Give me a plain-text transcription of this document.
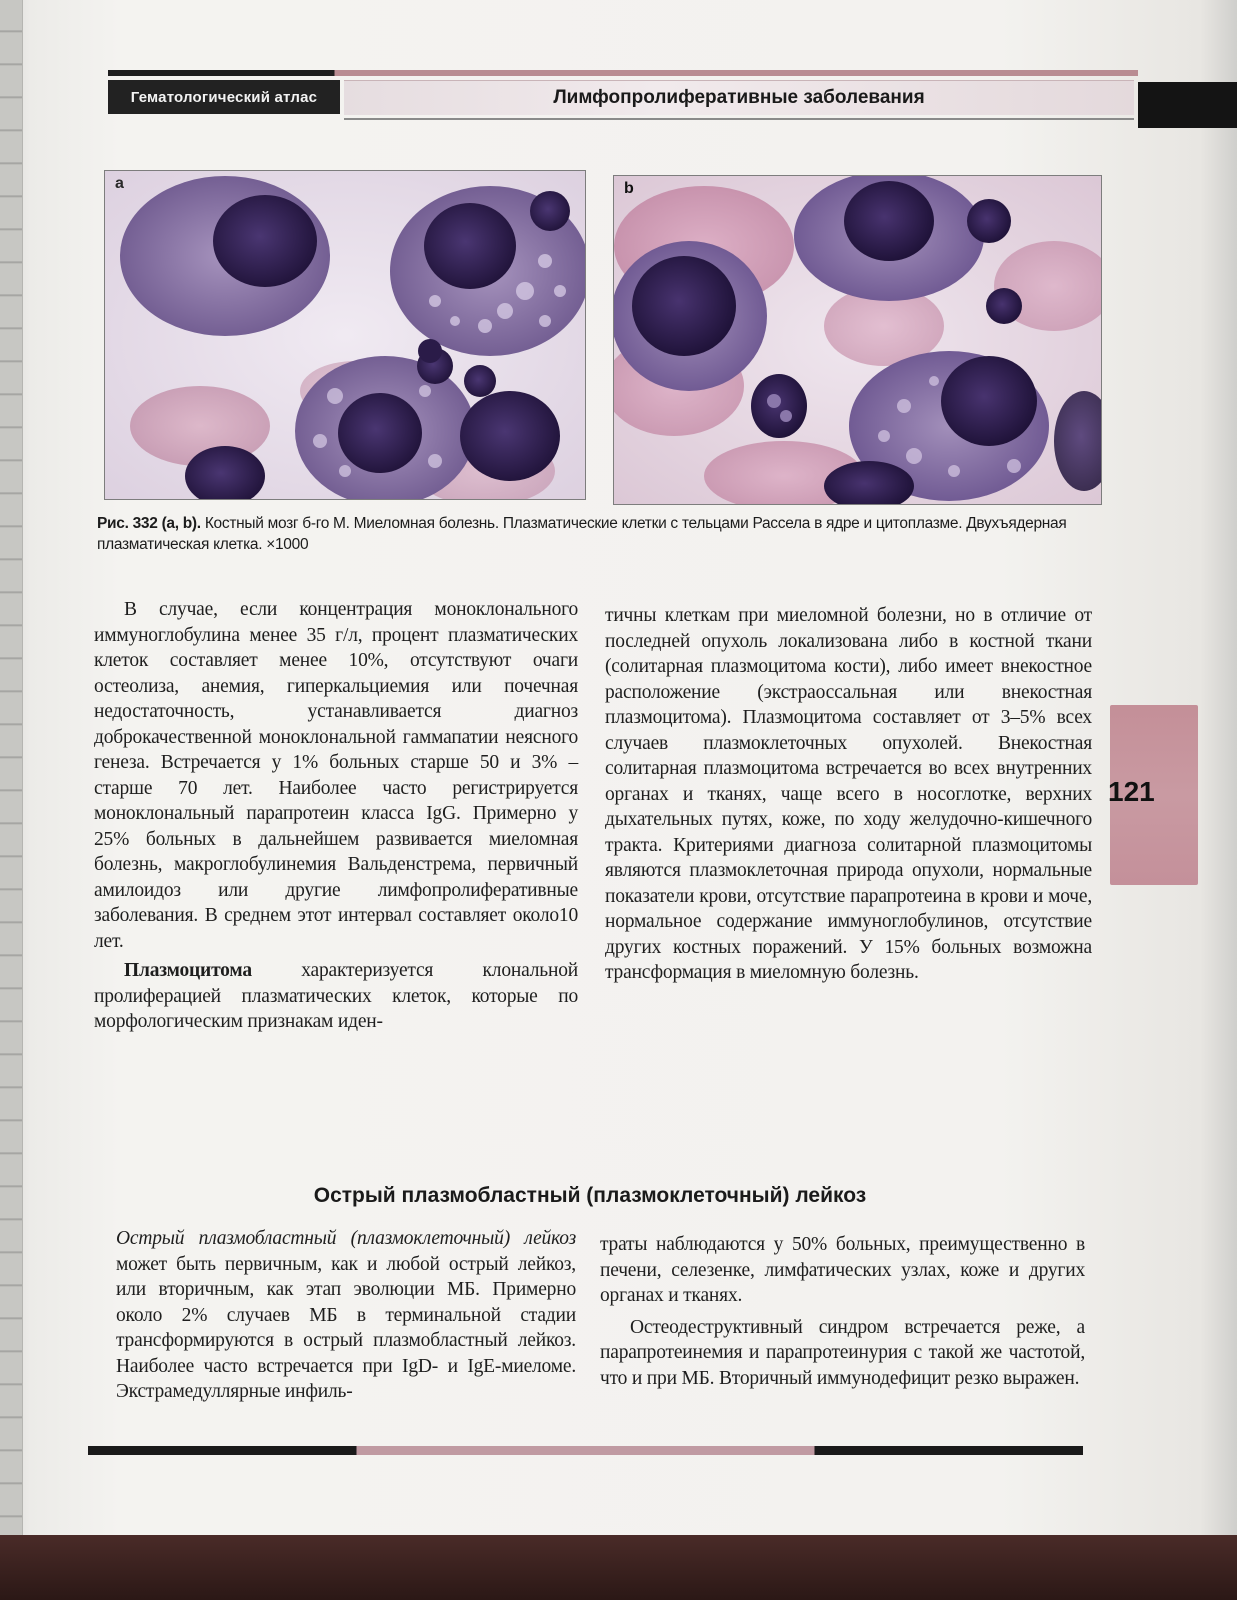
Гематологический атлас	Лимфопролиферативные заболевания
a	b
Рис. 332 (a, b). Костный мозг б-го М. Миеломная болезнь. Плазматические клетки с тельцами Рассела в ядре и цитоплазме. Двухъядерная плазматическая клетка. ×1000

В случае, если концентрация моноклонального иммуноглобулина менее 35 г/л, процент плазматических клеток составляет менее 10%, отсутствуют очаги остеолиза, анемия, гиперкальциемия или почечная недостаточность, устанавливается диагноз доброкачественной моноклональной гаммапатии неясного генеза. Встречается у 1% больных старше 50 и 3% – старше 70 лет. Наиболее часто регистрируется моноклональный парапротеин класса IgG. Примерно у 25% больных в дальнейшем развивается миеломная болезнь, макроглобулинемия Вальденстрема, первичный амилоидоз или другие лимфопролиферативные заболевания. В среднем этот интервал составляет около10 лет.

Плазмоцитома характеризуется клональной пролиферацией плазматических клеток, которые по морфологическим признакам иден-

тичны клеткам при миеломной болезни, но в отличие от последней опухоль локализована либо в костной ткани (солитарная плазмоцитома кости), либо имеет внекостное расположение (экстраоссальная или внекостная плазмоцитома). Плазмоцитома составляет от 3–5% всех случаев плазмоклеточных опухолей. Внекостная солитарная плазмоцитома встречается во всех внутренних органах и тканях, чаще всего в носоглотке, верхних дыхательных путях, коже, по ходу желудочно-кишечного тракта. Критериями диагноза солитарной плазмоцитомы являются плазмоклеточная природа опухоли, нормальные показатели крови, отсутствие парапротеина в крови и моче, нормальное содержание иммуноглобулинов, отсутствие других костных поражений. У 15% больных возможна трансформация в миеломную болезнь.

121
Острый плазмобластный (плазмоклеточный) лейкоз

Острый плазмобластный (плазмоклеточный) лейкоз может быть первичным, как и любой острый лейкоз, или вторичным, как этап эволюции МБ. Примерно около 2% случаев МБ в терминальной стадии трансформируются в острый плазмобластный лейкоз. Наиболее часто встречается при IgD- и IgE-миеломе. Экстрамедуллярные инфиль-

траты наблюдаются у 50% больных, преимущественно в печени, селезенке, лимфатических узлах, коже и других органах и тканях.

Остеодеструктивный синдром встречается реже, а парапротеинемия и парапротеинурия с такой же частотой, что и при МБ. Вторичный иммунодефицит резко выражен.
